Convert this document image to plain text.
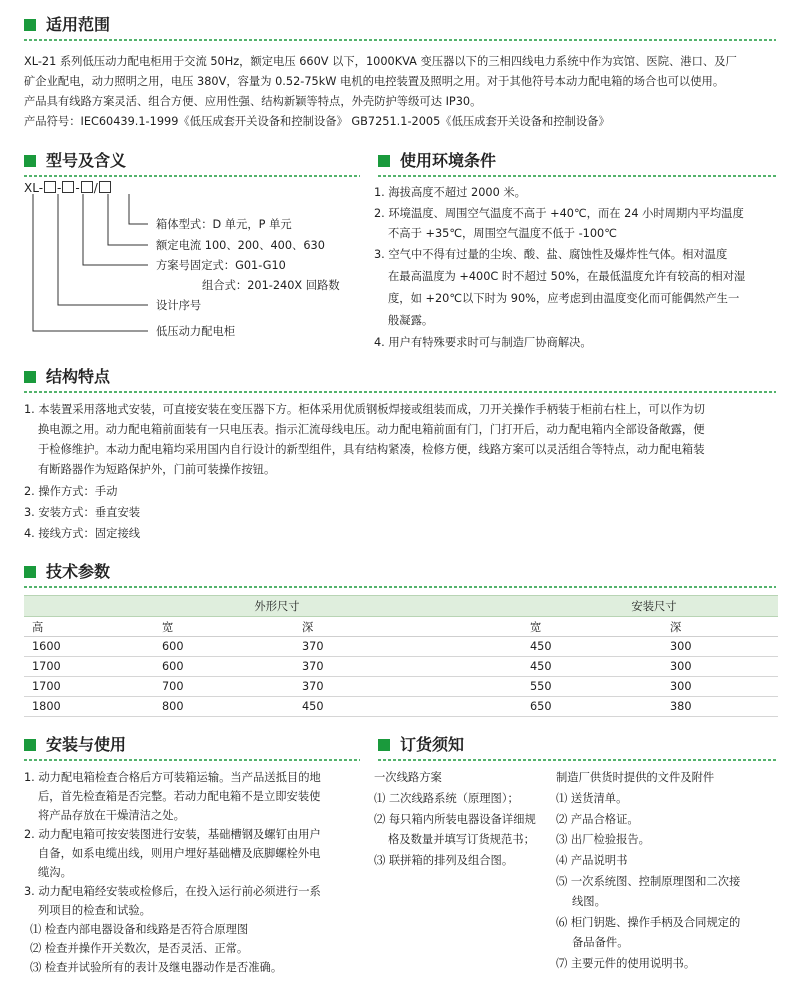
适用范围
XL-21 系列低压动力配电柜用于交流 50Hz，额定电压 660V 以下，1000KVA 变压器以下的三相四线电力系统中作为宾馆、医院、港口、及厂
矿企业配电，动力照明之用，电压 380V，容量为 0.52-75kW 电机的电控装置及照明之用。对于其他符号本动力配电箱的场合也可以使用。
产品具有线路方案灵活、组合方便、应用性强、结构新颖等特点，外壳防护等级可达 IP30。
产品符号：IEC60439.1-1999《低压成套开关设备和控制设备》 GB7251.1-2005《低压成套开关设备和控制设备》
型号及含义
XL- - - /
箱体型式：D 单元，P 单元
额定电流 100、200、400、630
方案号固定式：G01-G10
组合式：201-240X 回路数
设计序号
低压动力配电柜
使用环境条件
1. 海拔高度不超过 2000 米。
2. 环境温度、周围空气温度不高于 +40℃，而在 24 小时周期内平均温度
不高于 +35℃，周围空气温度不低于 -100℃
3. 空气中不得有过量的尘埃、酸、盐、腐蚀性及爆炸性气体。相对温度
在最高温度为 +400C 时不超过 50%，在最低温度允许有较高的相对湿
度，如 +20℃以下时为 90%，应考虑到由温度变化而可能偶然产生一
般凝露。
4. 用户有特殊要求时可与制造厂协商解决。
结构特点
1. 本装置采用落地式安装，可直接安装在变压器下方。柜体采用优质钢板焊接或组装而成，刀开关操作手柄装于柜前右柱上，可以作为切
换电源之用。动力配电箱前面装有一只电压表。指示汇流母线电压。动力配电箱前面有门，门打开后，动力配电箱内全部设备敞露，便
于检修维护。本动力配电箱均采用国内自行设计的新型组件，具有结构紧凑，检修方便，线路方案可以灵活组合等特点，动力配电箱装
有断路器作为短路保护外，门前可装操作按钮。
2. 操作方式：手动
3. 安装方式：垂直安装
4. 接线方式：固定接线
技术参数
外形尺寸			安装尺寸	
高	宽	深	宽	深
1600	600	370	450	300
1700	600	370	450	300
1700	700	370	550	300
1800	800	450	650	380
安装与使用
1. 动力配电箱检查合格后方可装箱运输。当产品送抵目的地
后，首先检查箱是否完整。若动力配电箱不是立即安装使
将产品存放在干燥清洁之处。
2. 动力配电箱可按安装图进行安装，基础槽钢及螺钉由用户
自备，如系电缆出线，则用户埋好基础槽及底脚螺栓外电
缆沟。
3. 动力配电箱经安装或检修后，在投入运行前必须进行一系
列项目的检查和试验。
⑴ 检查内部电器设备和线路是否符合原理图
⑵ 检查并操作开关数次，是否灵活、正常。
⑶ 检查并试验所有的表计及继电器动作是否准确。
订货须知
一次线路方案
⑴ 二次线路系统（原理图）；
⑵ 每只箱内所装电器设备详细规
格及数量并填写订货规范书；
⑶ 联拼箱的排列及组合图。
制造厂供货时提供的文件及附件
⑴ 送货清单。
⑵ 产品合格证。
⑶ 出厂检验报告。
⑷ 产品说明书
⑸ 一次系统图、控制原理图和二次接
线图。
⑹ 柜门钥匙、操作手柄及合同规定的
备品备件。
⑺ 主要元件的使用说明书。
